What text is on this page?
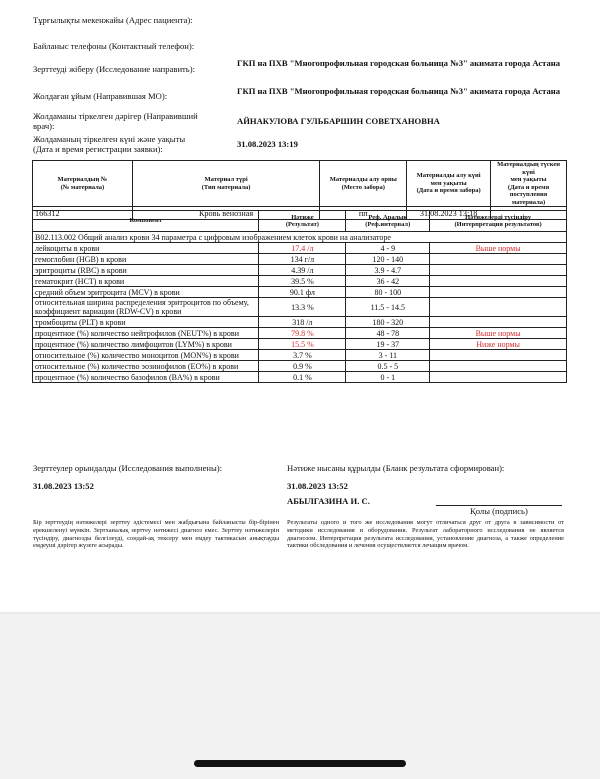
Тұрғылықты мекенжайы (Адрес пациента):
Байланыс телефоны (Контактный телефон):
Зерттеуді жіберу (Исследование направить):
ГКП на ПХВ "Многопрофильная городская больница №3" акимата города Астана
Жолдаған ұйым (Направившая МО):	ГКП на ПХВ "Многопрофильная городская больница №3" акимата города Астана
Жолдаманы тіркелген дәрігер (Направивший
врач):	АЙНАКУЛОВА ГУЛЬБАРШИН СОВЕТХАНОВНА
Жолдаманың тіркелген күні және уақыты
(Дата и время регистрации заявки):	31.08.2023 13:19
Материалдың №
(№ материала)	Материал түрі
(Тип материала)	Материалды алу орны
(Место забора)	Материалды алу күні
мен уақыты
(Дата и время забора)	Материалдың түскен күні
мен уақыты
(Дата и время поступления
материала)
166312	Кровь венозная	пп	31.08.2023 13:18	
Компонент	Нәтиже
(Результат)	Реф. Аралық
(Реф.интервал)	Нәтижелерді түсіндіру
(Интерпретация результатов)
B02.113.002 Общий анализ крови 34 параметра с цифровым изображением клеток крови на анализаторе			
лейкоциты в крови	17.4 /л	4 - 9	Выше нормы
гемоглобин (HGB) в крови	134 г/л	120 - 140	
эритроциты (RBC) в крови	4.39 /л	3.9 - 4.7	
гематокрит (HCT) в крови	39.5 %	36 - 42	
средний объем эритроцита (MCV) в крови	90.1 фл	80 - 100	
относительная ширина распределения эритроцитов по объему, коэффициент вариации (RDW-CV) в крови	13.3 %	11.5 - 14.5	
тромбоциты (PLT) в крови	318 /л	180 - 320	
процентное (%) количество нейтрофилов (NEUT%) в крови	79.8 %	48 - 78	Выше нормы
процентное (%) количество лимфоцитов (LYM%) в крови	15.5 %	19 - 37	Ниже нормы
относительное (%) количество моноцитов (MON%) в крови	3.7 %	3 - 11	
относительное (%) количество эозинофилов (EO%) в крови	0.9 %	0.5 - 5	
процентное (%) количество базофилов (BA%) в крови	0.1 %	0 - 1	
Зерттеулер орындалды (Исследования выполнены):
31.08.2023 13:52
Нәтиже нысаны құрылды (Бланк результата сформирован):
31.08.2023 13:52
АБЫЛГАЗИНА И. С.
Қолы (подпись)
Бір зерттеудің нәтижелері зерттеу әдістемесі мен жабдығына байланысты бір-бірінен ерекшеленуі мүмкін. Зертханалық зерттеу нәтижесі диагноз емес. Зерттеу нәтижелерін түсіндіру, диагнозды белгілеуді, сондай-ақ тексеру мен емдеу тактикасын анықтауды емдеуші дәрігер жүзеге асырады.
Результаты одного и того же исследования могут отличаться друг от друга в зависимости от методики исследования и оборудования. Результат лабораторного исследования не является диагнозом. Интерпретация результата исследования, установление диагноза, а также определение тактики обследования и лечения осуществляется лечащим врачом.
